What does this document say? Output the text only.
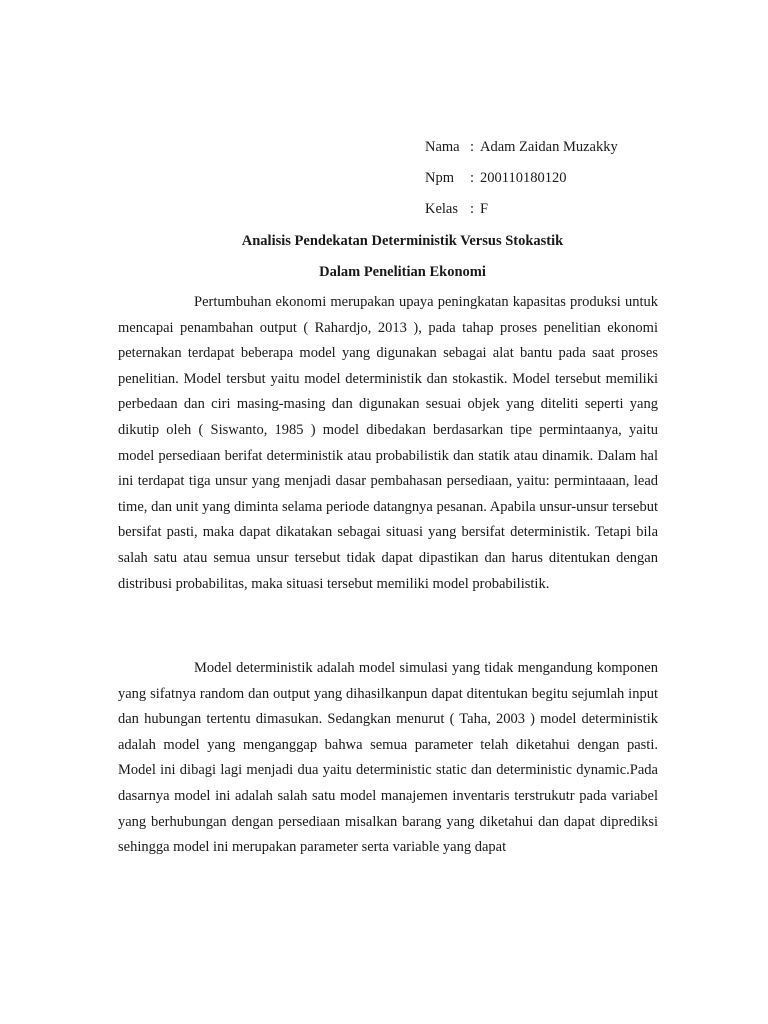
Nama : Adam Zaidan Muzakky
Npm : 200110180120
Kelas : F
Analisis Pendekatan Deterministik Versus Stokastik
Dalam Penelitian Ekonomi

Pertumbuhan ekonomi merupakan upaya peningkatan kapasitas produksi untuk mencapai penambahan output ( Rahardjo, 2013 ), pada tahap proses penelitian ekonomi peternakan terdapat beberapa model yang digunakan sebagai alat bantu pada saat proses penelitian. Model tersbut yaitu model deterministik dan stokastik. Model tersebut memiliki perbedaan dan ciri masing-masing dan digunakan sesuai objek yang diteliti seperti yang dikutip oleh ( Siswanto, 1985 ) model dibedakan berdasarkan tipe permintaanya, yaitu model persediaan berifat deterministik atau probabilistik dan statik atau dinamik. Dalam hal ini terdapat tiga unsur yang menjadi dasar pembahasan persediaan, yaitu: permintaaan, lead time, dan unit yang diminta selama periode datangnya pesanan. Apabila unsur-unsur tersebut bersifat pasti, maka dapat dikatakan sebagai situasi yang bersifat deterministik. Tetapi bila salah satu atau semua unsur tersebut tidak dapat dipastikan dan harus ditentukan dengan distribusi probabilitas, maka situasi tersebut memiliki model probabilistik.

Model deterministik adalah model simulasi yang tidak mengandung komponen yang sifatnya random dan output yang dihasilkanpun dapat ditentukan begitu sejumlah input dan hubungan tertentu dimasukan. Sedangkan menurut ( Taha, 2003 ) model deterministik adalah model yang menganggap bahwa semua parameter telah diketahui dengan pasti. Model ini dibagi lagi menjadi dua yaitu deterministic static dan deterministic dynamic.Pada dasarnya model ini adalah salah satu model manajemen inventaris terstrukutr pada variabel yang berhubungan dengan persediaan misalkan barang yang diketahui dan dapat diprediksi sehingga model ini merupakan parameter serta variable yang dapat
